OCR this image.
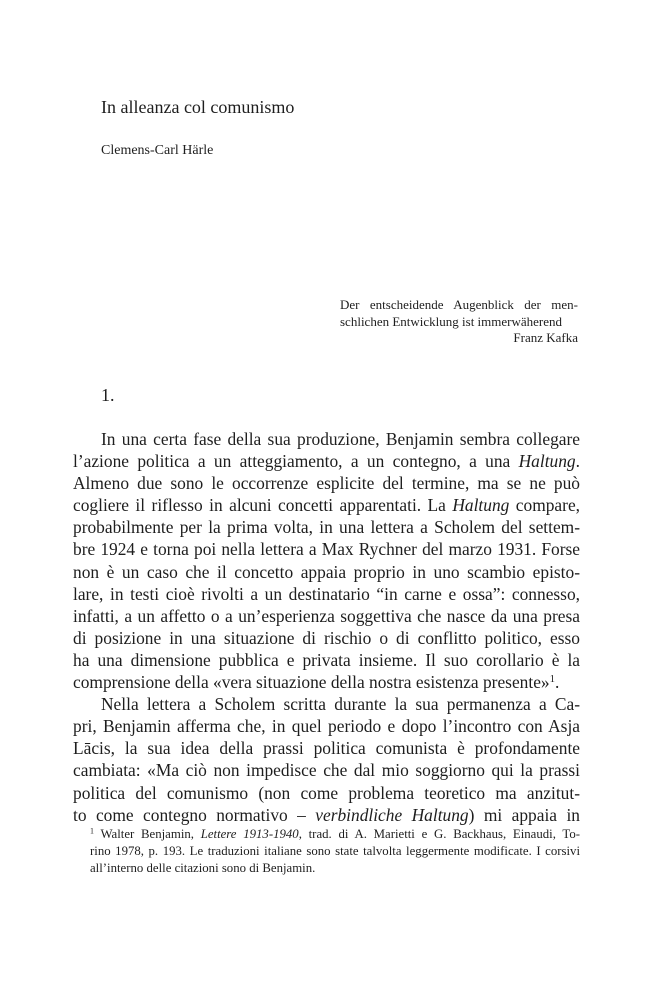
In alleanza col comunismo
Clemens-Carl Härle
Der entscheidende Augenblick der men-
schlichen Entwicklung ist immerwäherend
Franz Kafka
1.
In una certa fase della sua produzione, Benjamin sembra collegare
l’azione politica a un atteggiamento, a un contegno, a una Haltung.
Almeno due sono le occorrenze esplicite del termine, ma se ne può
cogliere il riflesso in alcuni concetti apparentati. La Haltung compare,
probabilmente per la prima volta, in una lettera a Scholem del settem-
bre 1924 e torna poi nella lettera a Max Rychner del marzo 1931. Forse
non è un caso che il concetto appaia proprio in uno scambio episto-
lare, in testi cioè rivolti a un destinatario “in carne e ossa”: connesso,
infatti, a un affetto o a un’esperienza soggettiva che nasce da una presa
di posizione in una situazione di rischio o di conflitto politico, esso
ha una dimensione pubblica e privata insieme. Il suo corollario è la
comprensione della «vera situazione della nostra esistenza presente»$^1$.
Nella lettera a Scholem scritta durante la sua permanenza a Ca-
pri, Benjamin afferma che, in quel periodo e dopo l’incontro con Asja
Lācis, la sua idea della prassi politica comunista è profondamente
cambiata: «Ma ciò non impedisce che dal mio soggiorno qui la prassi
politica del comunismo (non come problema teoretico ma anzitut-
to come contegno normativo – verbindliche Haltung) mi appaia in
$^1$ Walter Benjamin, Lettere 1913-1940, trad. di A. Marietti e G. Backhaus, Einaudi, To-
rino 1978, p. 193. Le traduzioni italiane sono state talvolta leggermente modificate. I corsivi
all’interno delle citazioni sono di Benjamin.
